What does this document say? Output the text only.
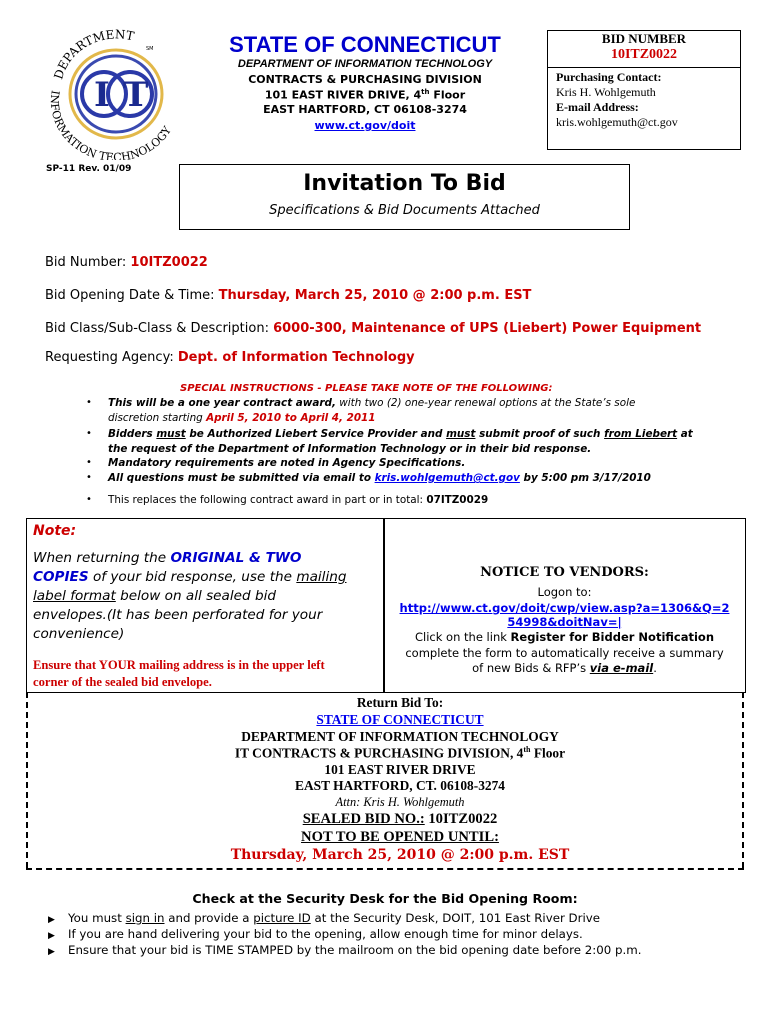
I T
DEPARTMENT
INFORMATION TECHNOLOGY
SM	STATE OF CONNECTICUT
DEPARTMENT OF INFORMATION TECHNOLOGY
CONTRACTS & PURCHASING DIVISION
101 EAST RIVER DRIVE, 4th Floor
EAST HARTFORD, CT 06108-3274
www.ct.gov/doit
BID NUMBER
10ITZ0022
Purchasing Contact:
Kris H. Wohlgemuth
E-mail Address:
kris.wohlgemuth@ct.gov
SP-11 Rev. 01/09
Invitation To Bid
Specifications & Bid Documents Attached
Bid Number: 10ITZ0022
Bid Opening Date & Time: Thursday, March 25, 2010 @ 2:00 p.m. EST
Bid Class/Sub-Class & Description: 6000-300, Maintenance of UPS (Liebert) Power Equipment
Requesting Agency: Dept. of Information Technology
SPECIAL INSTRUCTIONS - PLEASE TAKE NOTE OF THE FOLLOWING:
• This will be a one year contract award, with two (2) one-year renewal options at the State’s sole
discretion starting April 5, 2010 to April 4, 2011
• Bidders must be Authorized Liebert Service Provider and must submit proof of such from Liebert at
the request of the Department of Information Technology or in their bid response.
• Mandatory requirements are noted in Agency Specifications.
• All questions must be submitted via email to kris.wohlgemuth@ct.gov by 5:00 pm 3/17/2010
• This replaces the following contract award in part or in total: 07ITZ0029
Note:
When returning the ORIGINAL & TWO
COPIES of your bid response, use the mailing
label format below on all sealed bid
envelopes.(It has been perforated for your
convenience)
Ensure that YOUR mailing address is in the upper left
corner of the sealed bid envelope.
NOTICE TO VENDORS:
Logon to:
http://www.ct.gov/doit/cwp/view.asp?a=1306&Q=2
54998&doitNav=|
Click on the link Register for Bidder Notification
complete the form to automatically receive a summary
of new Bids & RFP’s via e-mail.
Return Bid To:
STATE OF CONNECTICUT
DEPARTMENT OF INFORMATION TECHNOLOGY
IT CONTRACTS & PURCHASING DIVISION, 4th Floor
101 EAST RIVER DRIVE
EAST HARTFORD, CT. 06108-3274
Attn: Kris H. Wohlgemuth
SEALED BID NO.: 10ITZ0022
NOT TO BE OPENED UNTIL:
Thursday, March 25, 2010 @ 2:00 p.m. EST
Check at the Security Desk for the Bid Opening Room:
▶ You must sign in and provide a picture ID at the Security Desk, DOIT, 101 East River Drive
▶ If you are hand delivering your bid to the opening, allow enough time for minor delays.
▶ Ensure that your bid is TIME STAMPED by the mailroom on the bid opening date before 2:00 p.m.
